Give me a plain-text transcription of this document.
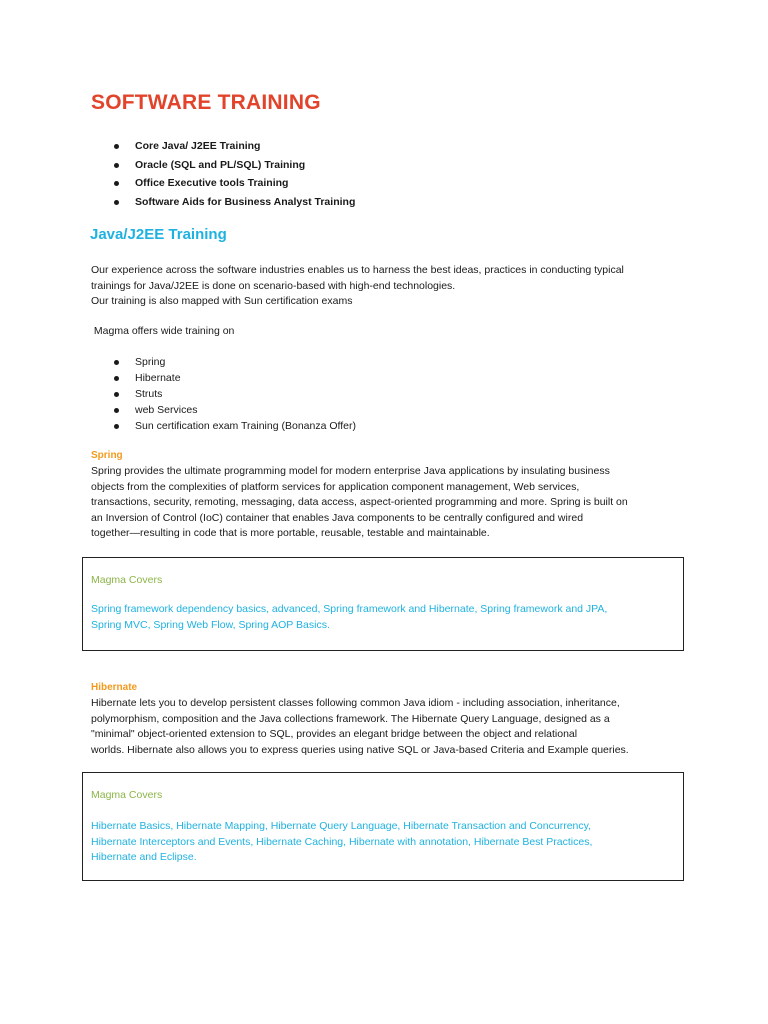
SOFTWARE TRAINING
Core Java/ J2EE Training
Oracle (SQL and PL/SQL) Training
Office Executive tools Training
Software Aids for Business Analyst Training
Java/J2EE Training

Our experience across the software industries enables us to harness the best ideas, practices in conducting typical
trainings for Java/J2EE is done on scenario-based with high-end technologies.
Our training is also mapped with Sun certification exams

Magma offers wide training on

Spring
Hibernate
Struts
web Services
Sun certification exam Training (Bonanza Offer)
Spring

Spring provides the ultimate programming model for modern enterprise Java applications by insulating business
objects from the complexities of platform services for application component management, Web services,
transactions, security, remoting, messaging, data access, aspect-oriented programming and more. Spring is built on
an Inversion of Control (IoC) container that enables Java components to be centrally configured and wired
together—resulting in code that is more portable, reusable, testable and maintainable.

Magma Covers
Spring framework dependency basics, advanced, Spring framework and Hibernate, Spring framework and JPA,
Spring MVC, Spring Web Flow, Spring AOP Basics.
Hibernate

Hibernate lets you to develop persistent classes following common Java idiom - including association, inheritance,
polymorphism, composition and the Java collections framework. The Hibernate Query Language, designed as a
"minimal" object-oriented extension to SQL, provides an elegant bridge between the object and relational
worlds. Hibernate also allows you to express queries using native SQL or Java-based Criteria and Example queries.

Magma Covers
Hibernate Basics, Hibernate Mapping, Hibernate Query Language, Hibernate Transaction and Concurrency,
Hibernate Interceptors and Events, Hibernate Caching, Hibernate with annotation, Hibernate Best Practices,
Hibernate and Eclipse.
